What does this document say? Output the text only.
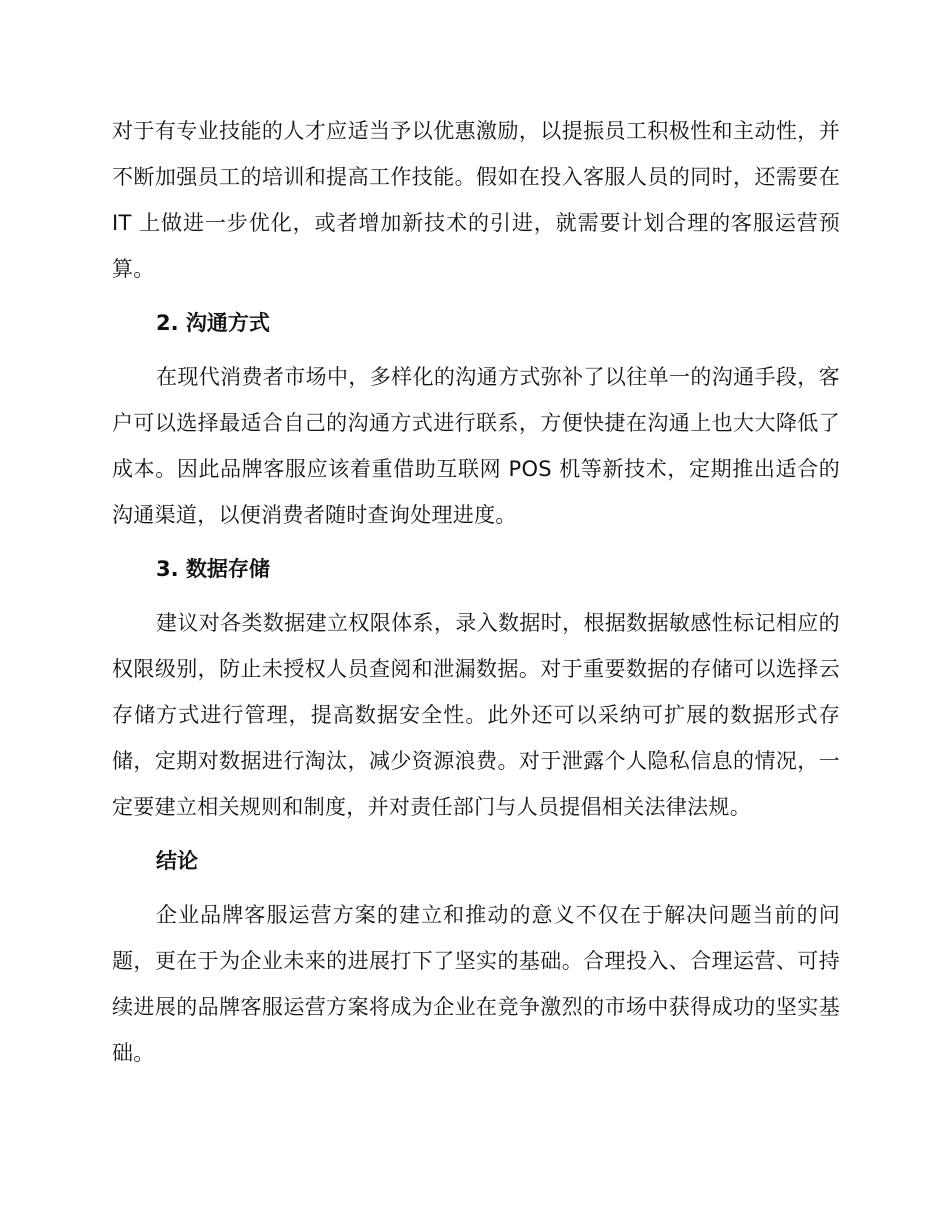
对于有专业技能的人才应适当予以优惠激励，以提振员工积极性和主动性，并不断加强员工的培训和提高工作技能。假如在投入客服人员的同时，还需要在 IT 上做进一步优化，或者增加新技术的引进，就需要计划合理的客服运营预算。

2. 沟通方式

在现代消费者市场中，多样化的沟通方式弥补了以往单一的沟通手段，客户可以选择最适合自己的沟通方式进行联系，方便快捷在沟通上也大大降低了成本。因此品牌客服应该着重借助互联网 POS 机等新技术，定期推出适合的沟通渠道，以便消费者随时查询处理进度。

3. 数据存储

建议对各类数据建立权限体系，录入数据时，根据数据敏感性标记相应的权限级别，防止未授权人员查阅和泄漏数据。对于重要数据的存储可以选择云存储方式进行管理，提高数据安全性。此外还可以采纳可扩展的数据形式存储，定期对数据进行淘汰，减少资源浪费。对于泄露个人隐私信息的情况，一定要建立相关规则和制度，并对责任部门与人员提倡相关法律法规。

结论

企业品牌客服运营方案的建立和推动的意义不仅在于解决问题当前的问题，更在于为企业未来的进展打下了坚实的基础。合理投入、合理运营、可持续进展的品牌客服运营方案将成为企业在竞争激烈的市场中获得成功的坚实基础。
